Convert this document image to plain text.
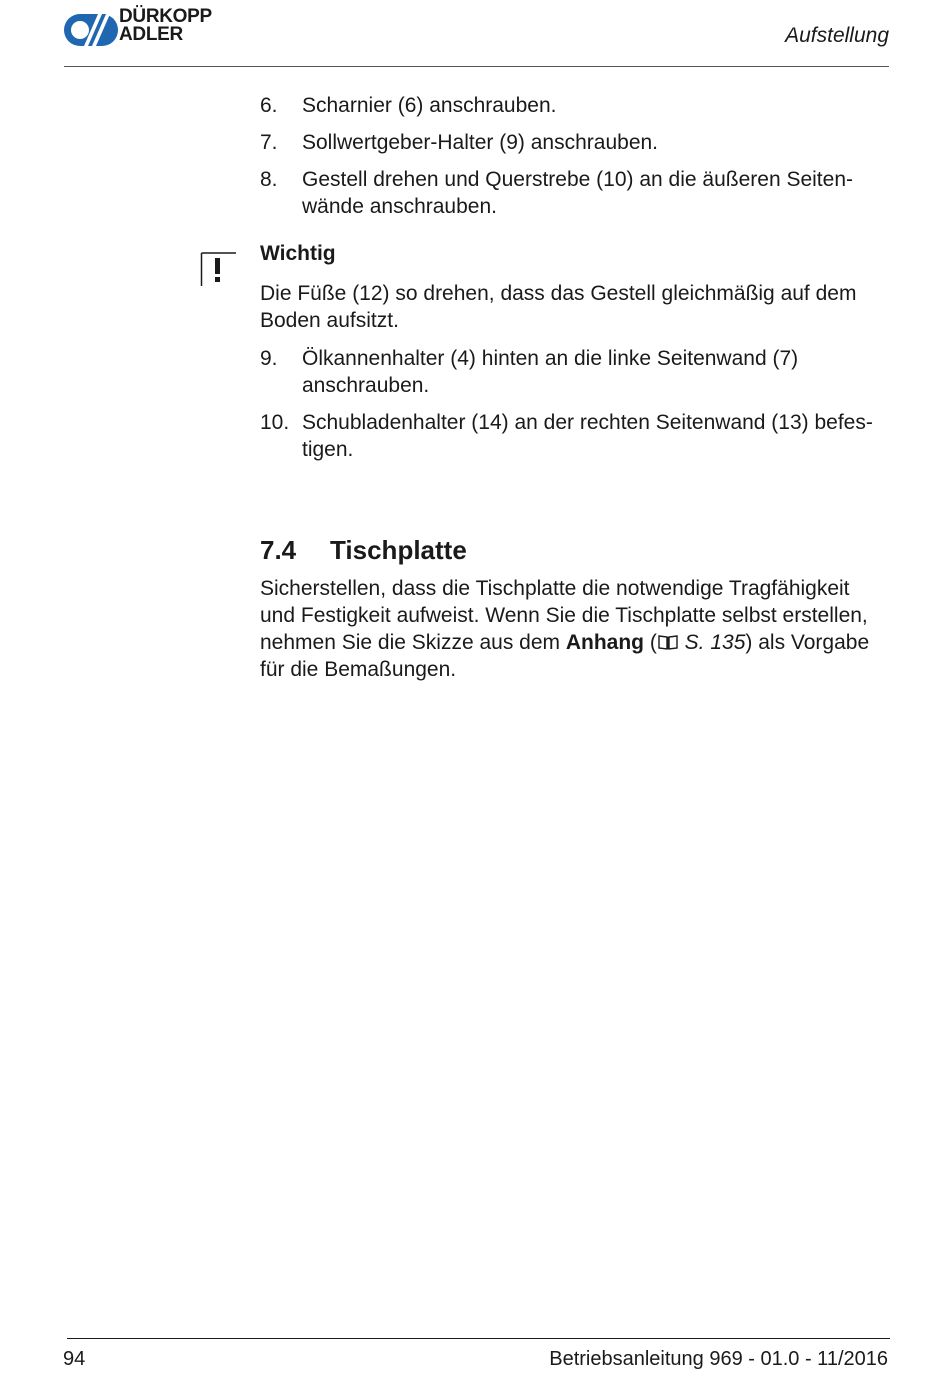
DÜRKOPP
ADLER	Aufstellung
6.	Scharnier (6) anschrauben.
7.	Sollwertgeber-Halter (9) anschrauben.
8.	Gestell drehen und Querstrebe (10) an die äußeren Seiten-wände anschrauben.
Wichtig
Die Füße (12) so drehen, dass das Gestell gleichmäßig auf dem Boden aufsitzt.
9.	Ölkannenhalter (4) hinten an die linke Seitenwand (7) anschrauben.
10. Schubladenhalter (14) an der rechten Seitenwand (13) befes-tigen.
7.4 Tischplatte
Sicherstellen, dass die Tischplatte die notwendige Tragfähigkeit und Festigkeit aufweist. Wenn Sie die Tischplatte selbst erstellen, nehmen Sie die Skizze aus dem Anhang ( S. 135) als Vorgabe für die Bemaßungen.
94	Betriebsanleitung 969 - 01.0 - 11/2016
